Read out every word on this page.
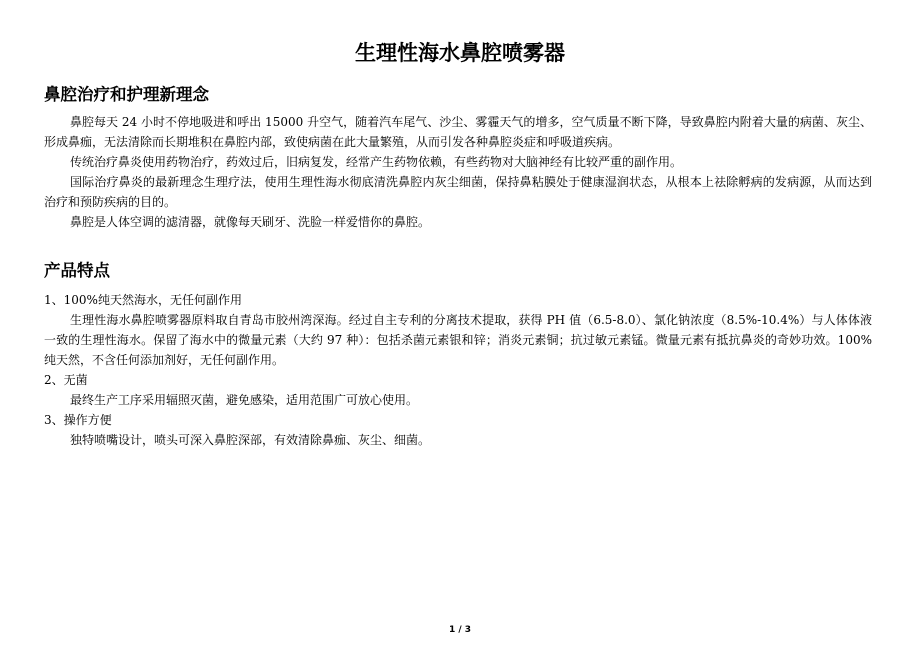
生理性海水鼻腔喷雾器
鼻腔治疗和护理新理念

鼻腔每天 24 小时不停地吸进和呼出 15000 升空气，随着汽车尾气、沙尘、雾霾天气的增多，空气质量不断下降，导致鼻腔内附着大量的病菌、灰尘、形成鼻痂，无法清除而长期堆积在鼻腔内部，致使病菌在此大量繁殖，从而引发各种鼻腔炎症和呼吸道疾病。

传统治疗鼻炎使用药物治疗，药效过后，旧病复发，经常产生药物依赖，有些药物对大脑神经有比较严重的副作用。

国际治疗鼻炎的最新理念生理疗法，使用生理性海水彻底清洗鼻腔内灰尘细菌，保持鼻粘膜处于健康湿润状态，从根本上祛除孵病的发病源，从而达到治疗和预防疾病的目的。

鼻腔是人体空调的滤清器，就像每天刷牙、洗脸一样爱惜你的鼻腔。

产品特点

1、100%纯天然海水，无任何副作用

生理性海水鼻腔喷雾器原料取自青岛市胶州湾深海。经过自主专利的分离技术提取，获得 PH 值（6.5-8.0）、氯化钠浓度（8.5%-10.4%）与人体体液一致的生理性海水。保留了海水中的微量元素（大约 97 种）：包括杀菌元素银和锌；消炎元素铜；抗过敏元素锰。微量元素有抵抗鼻炎的奇妙功效。100%纯天然，不含任何添加剂好，无任何副作用。

2、无菌

最终生产工序采用辐照灭菌，避免感染，适用范围广可放心使用。

3、操作方便

独特喷嘴设计，喷头可深入鼻腔深部，有效清除鼻痂、灰尘、细菌。

1 / 3
